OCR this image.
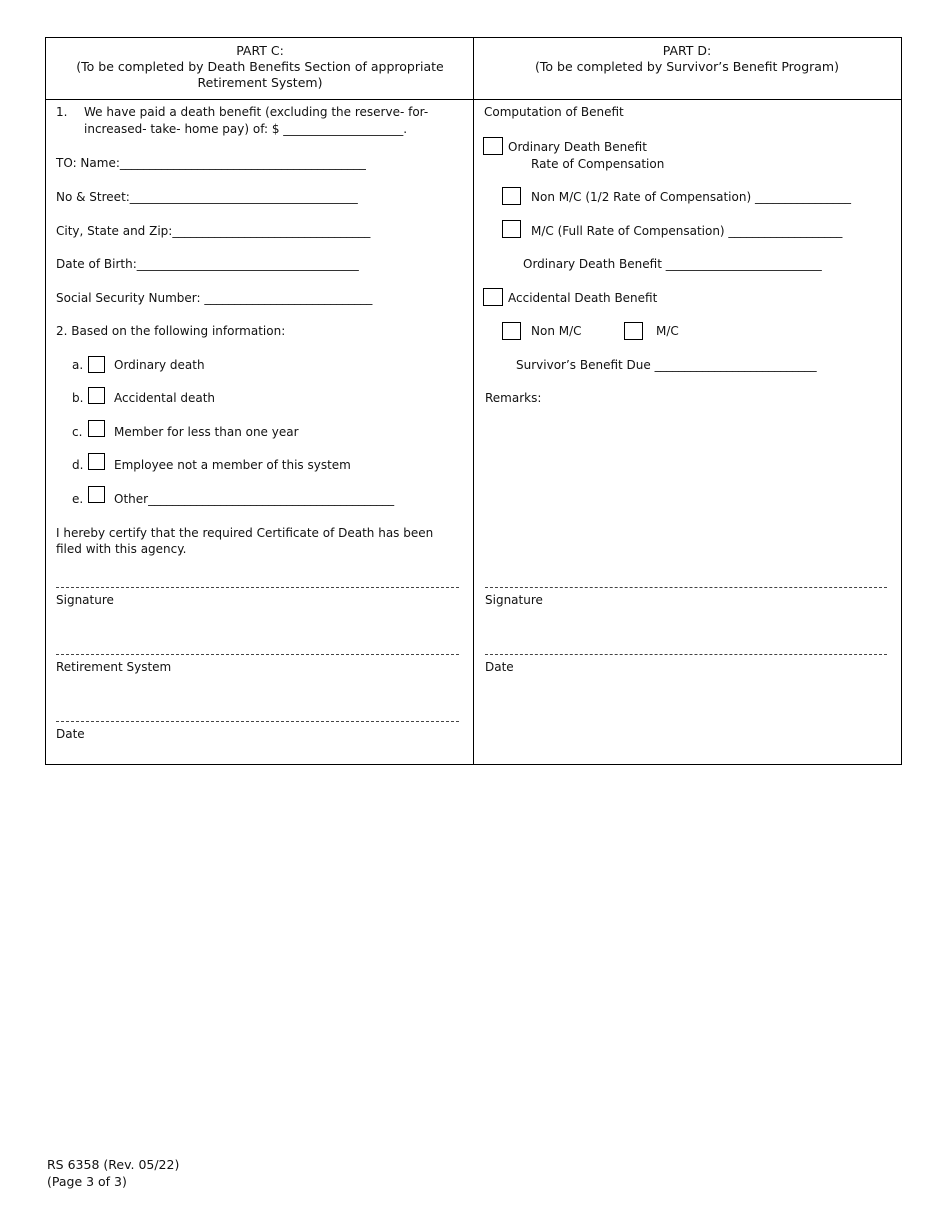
PART C:
(To be completed by Death Benefits Section of appropriate
Retirement System)
PART D:
(To be completed by Survivor’s Benefit Program)
1. We have paid a death benefit (excluding the reserve- for-
increased- take- home pay) of: $ ____________________.
TO: Name:_________________________________________
No & Street:______________________________________
City, State and Zip:_________________________________
Date of Birth:_____________________________________
Social Security Number: ____________________________
2. Based on the following information:
a.	Ordinary death
b.	Accidental death
c.	Member for less than one year
d.	Employee not a member of this system
e.	Other_________________________________________
I hereby certify that the required Certificate of Death has been
filed with this agency.
Signature
Retirement System
Date
Computation of Benefit
Ordinary Death Benefit
Rate of Compensation
Non M/C (1/2 Rate of Compensation) ________________
M/C (Full Rate of Compensation) ___________________
Ordinary Death Benefit __________________________
Accidental Death Benefit
Non M/C	M/C
Survivor’s Benefit Due ___________________________
Remarks:
Signature
Date
RS 6358 (Rev. 05/22)
(Page 3 of 3)
